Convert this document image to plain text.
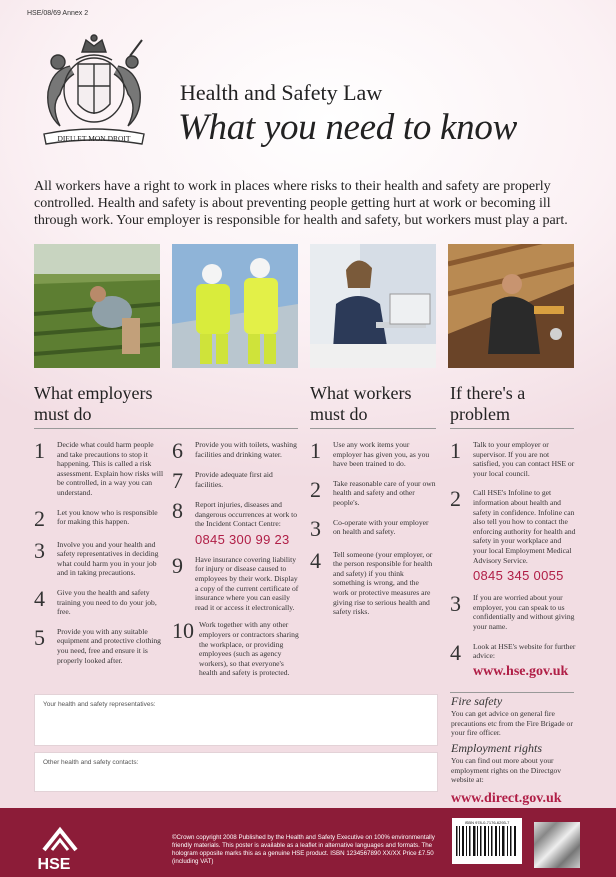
HSE/08/69 Annex 2
DIEU ET MON DROIT
Health and Safety Law
What you need to know
All workers have a right to work in places where risks to their health and safety are properly controlled. Health and safety is about preventing people getting hurt at work or becoming ill through work. Your employer is responsible for health and safety, but workers must play a part.
What employers must do
What workers must do
If there's a problem
1	Decide what could harm people and take precautions to stop it happening. This is called a risk assessment. Explain how risks will be controlled, in a way you can understand.
2	Let you know who is responsible for making this happen.
3	Involve you and your health and safety representatives in deciding what could harm you in your job and in taking precautions.
4	Give you the health and safety training you need to do your job, free.
5	Provide you with any suitable equipment and protective clothing you need, free and ensure it is properly looked after.
6	Provide you with toilets, washing facilities and drinking water.
7	Provide adequate first aid facilities.
8	Report injuries, diseases and dangerous occurrences at work to the Incident Contact Centre:
0845 300 99 23
9	Have insurance covering liability for injury or disease caused to employees by their work. Display a copy of the current certificate of insurance where you can easily read it or access it electronically.
10 Work together with any other employers or contractors sharing the workplace, or providing employees (such as agency workers), so that everyone's health and safety is protected.
1	Use any work items your employer has given you, as you have been trained to do.
2	Take reasonable care of your own health and safety and other people's.
3	Co-operate with your employer on health and safety.
4	Tell someone (your employer, or the person responsible for health and safety) if you think something is wrong, and the work or protective measures are giving rise to serious health and safety risks.
1	Talk to your employer or supervisor. If you are not satisfied, you can contact HSE or your local council.
2	Call HSE's Infoline to get information about health and safety in confidence. Infoline can also tell you how to contact the enforcing authority for health and safety in your workplace and your local Employment Medical Advisory Service.
0845 345 0055
3	If you are worried about your employer, you can speak to us confidentially and without giving your name.
4	Look at HSE's website for further advice:
www.hse.gov.uk
Your health and safety representatives:
Other health and safety contacts:
Fire safety
You can get advice on general fire precautions etc from the Fire Brigade or your fire officer.
Employment rights
You can find out more about your employment rights on the Directgov website at:
www.direct.gov.uk
HSE
©Crown copyright 2008 Published by the Health and Safety Executive on 100% environmentally friendly materials. This poster is available as a leaflet in alternative languages and formats. The hologram opposite marks this as a genuine HSE product. ISBN 1234567890 XX/XX Price £7.50 (including VAT)
ISBN 978-0-7176-6293-7
